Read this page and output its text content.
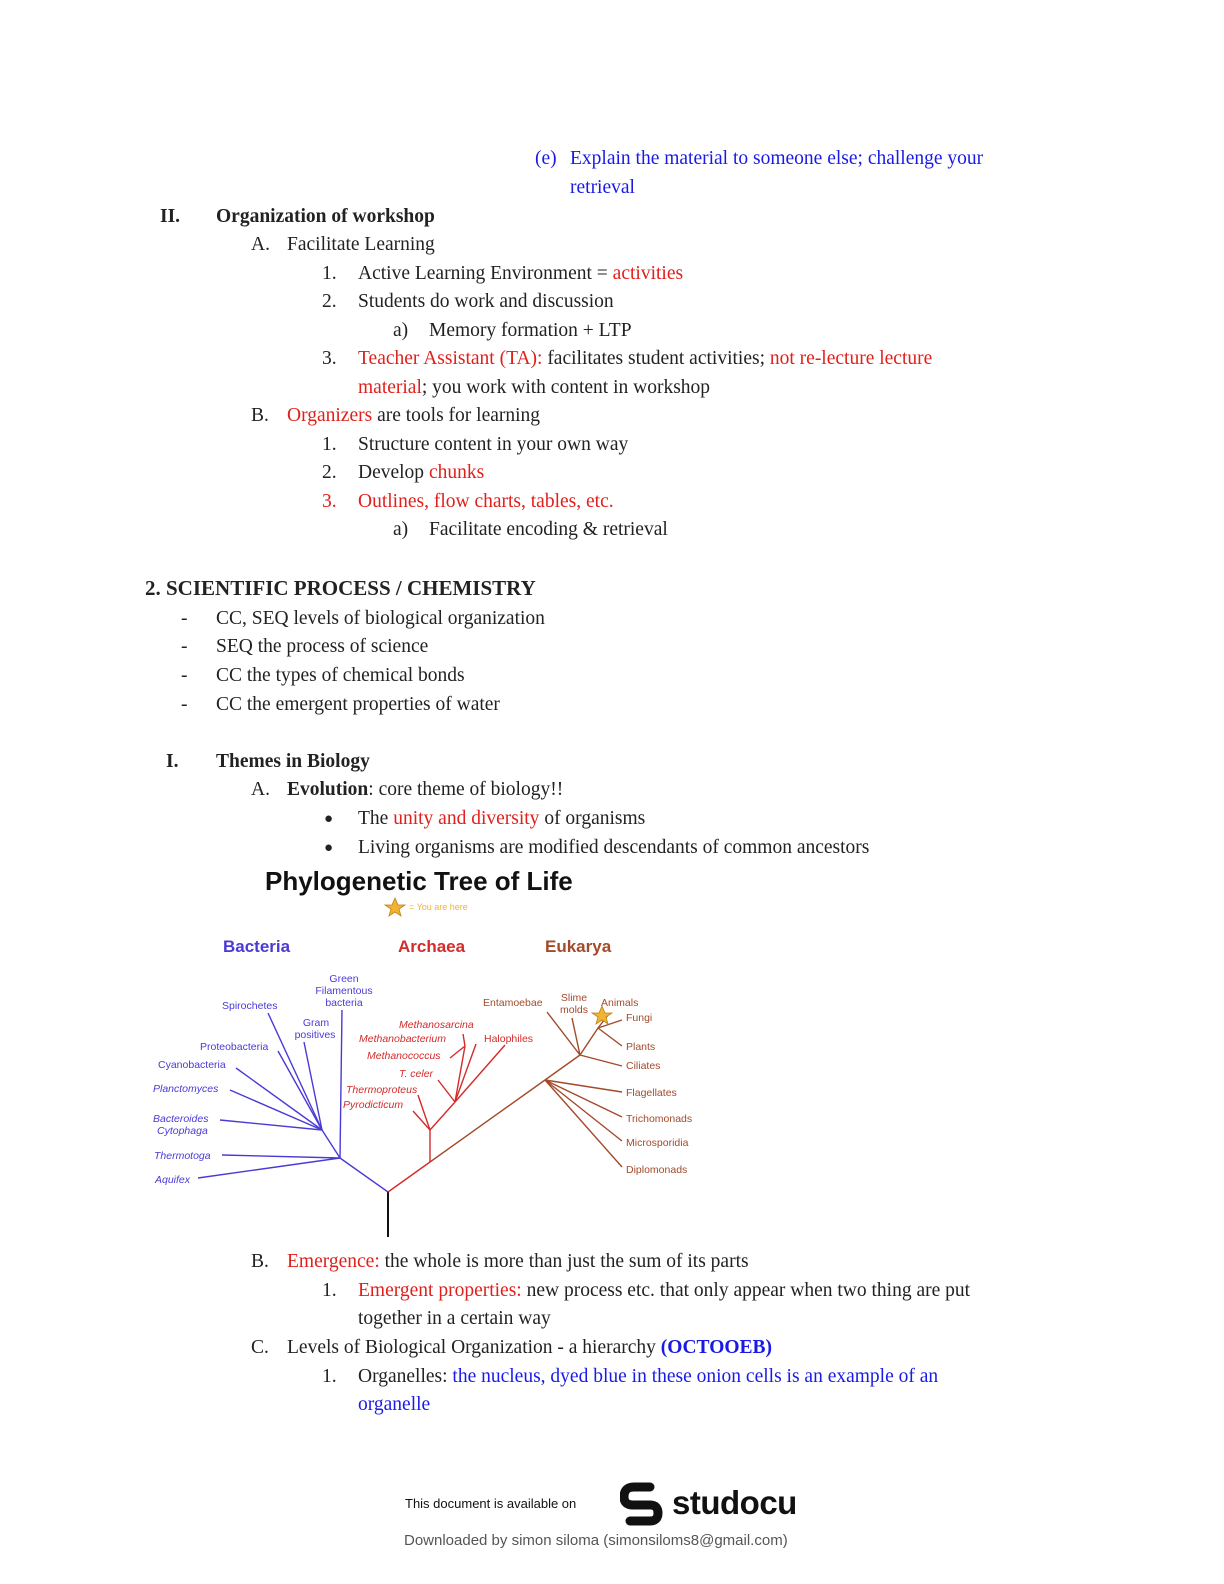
(e) Explain the material to someone else; challenge your
retrieval
II. Organization of workshop
A. Facilitate Learning
1. Active Learning Environment = activities
2. Students do work and discussion
a) Memory formation + LTP
3. Teacher Assistant (TA): facilitates student activities; not re-lecture lecture
material; you work with content in workshop
B. Organizers are tools for learning
1. Structure content in your own way
2. Develop chunks
3. Outlines, flow charts, tables, etc.
a) Facilitate encoding & retrieval
2. SCIENTIFIC PROCESS / CHEMISTRY
- CC, SEQ levels of biological organization
- SEQ the process of science
- CC the types of chemical bonds
- CC the emergent properties of water
I. Themes in Biology
A. Evolution: core theme of biology!!
● The unity and diversity of organisms
● Living organisms are modified descendants of common ancestors
Phylogenetic Tree of Life
= You are here
Bacteria	Archaea	Eukarya
Green
Filamentous
bacteria
Spirochetes
Gram
positives
Proteobacteria
Cyanobacteria
Planctomyces
Bacteroides
Cytophaga
Thermotoga
Aquifex
Methanosarcina
Methanobacterium	Halophiles
Methanococcus
T. celer
Thermoproteus
Pyrodicticum
Entamoebae Slime
molds
Animals
Fungi
Plants
Ciliates
Flagellates
Trichomonads
Microsporidia
Diplomonads
B. Emergence: the whole is more than just the sum of its parts
1. Emergent properties: new process etc. that only appear when two thing are put
together in a certain way
C. Levels of Biological Organization - a hierarchy (OCTOOEB)
1. Organelles: the nucleus, dyed blue in these onion cells is an example of an
organelle
This document is available on	studocu
Downloaded by simon siloma (simonsiloms8@gmail.com)
